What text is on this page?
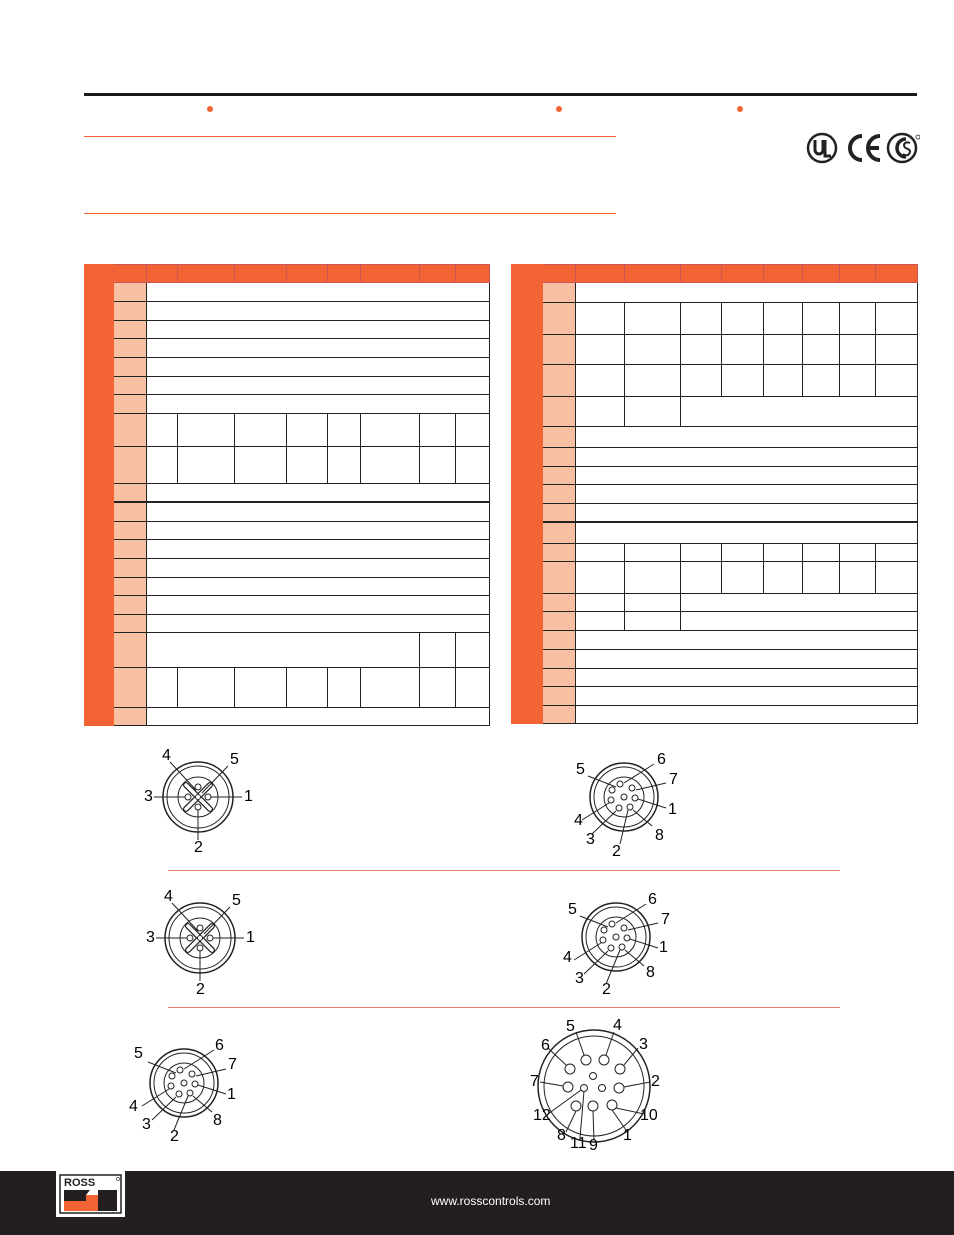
4	5
3	1
2
5
6
7
1
8
2
3
4
4	5
3	1
2
5
6
7
1
8
2
3
4
5	6
7
1
8
2
3
4
5 4
3
2
10
1
9
11
8
12
7
6
ROSS
www.rosscontrols.com
